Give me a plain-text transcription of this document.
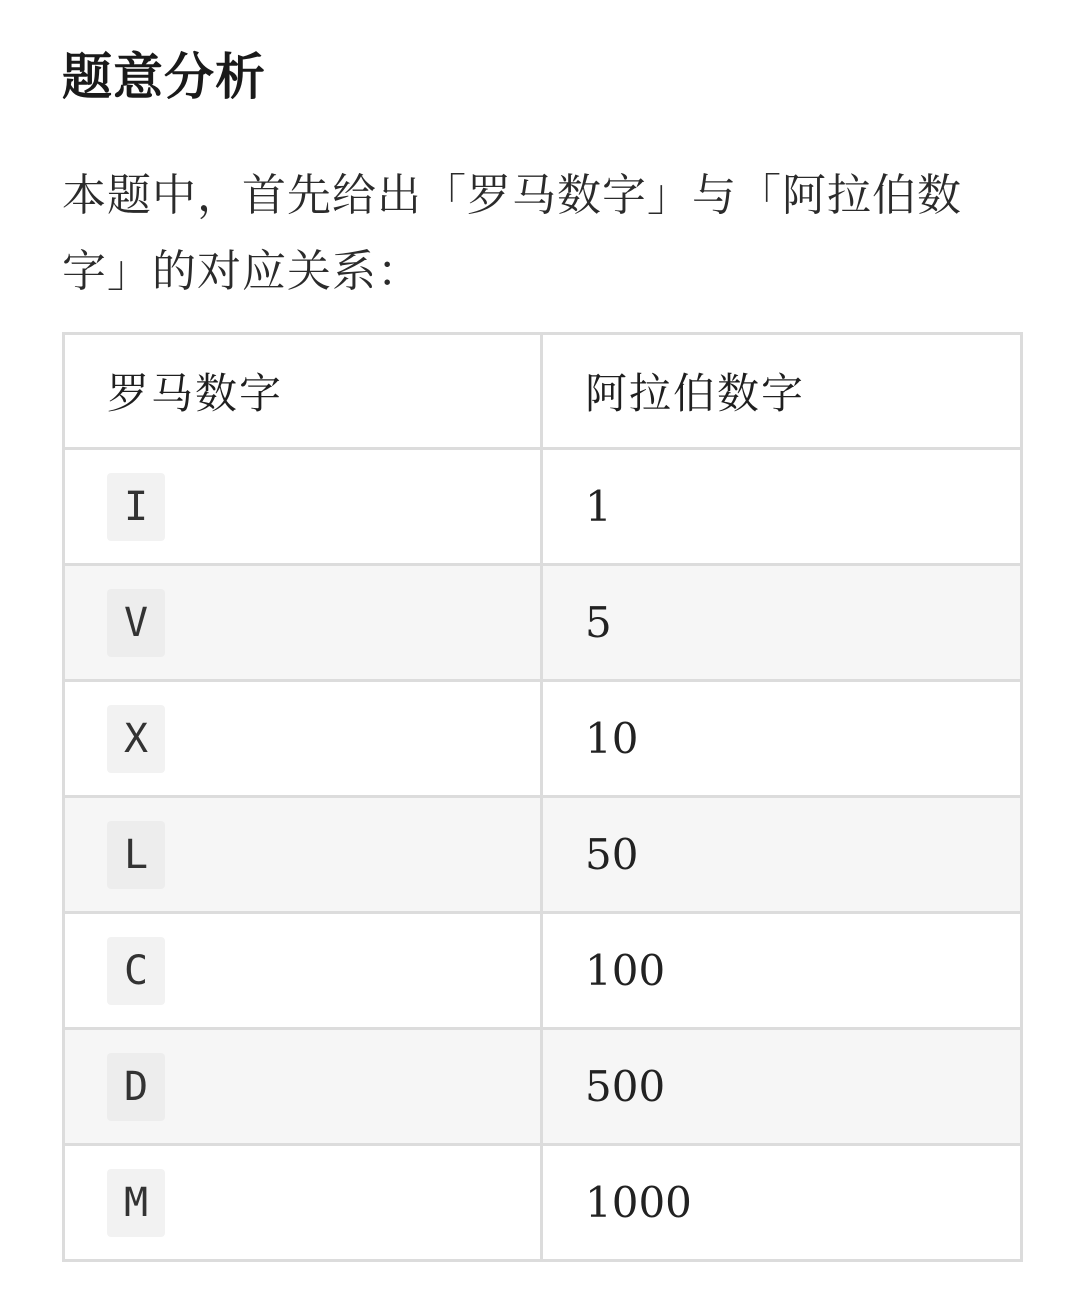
题意分析

本题中，首先给出「罗马数字」与「阿拉伯数字」的对应关系：

罗马数字	阿拉伯数字
I	1
V	5
X	10
L	50
C	100
D	500
M	1000
